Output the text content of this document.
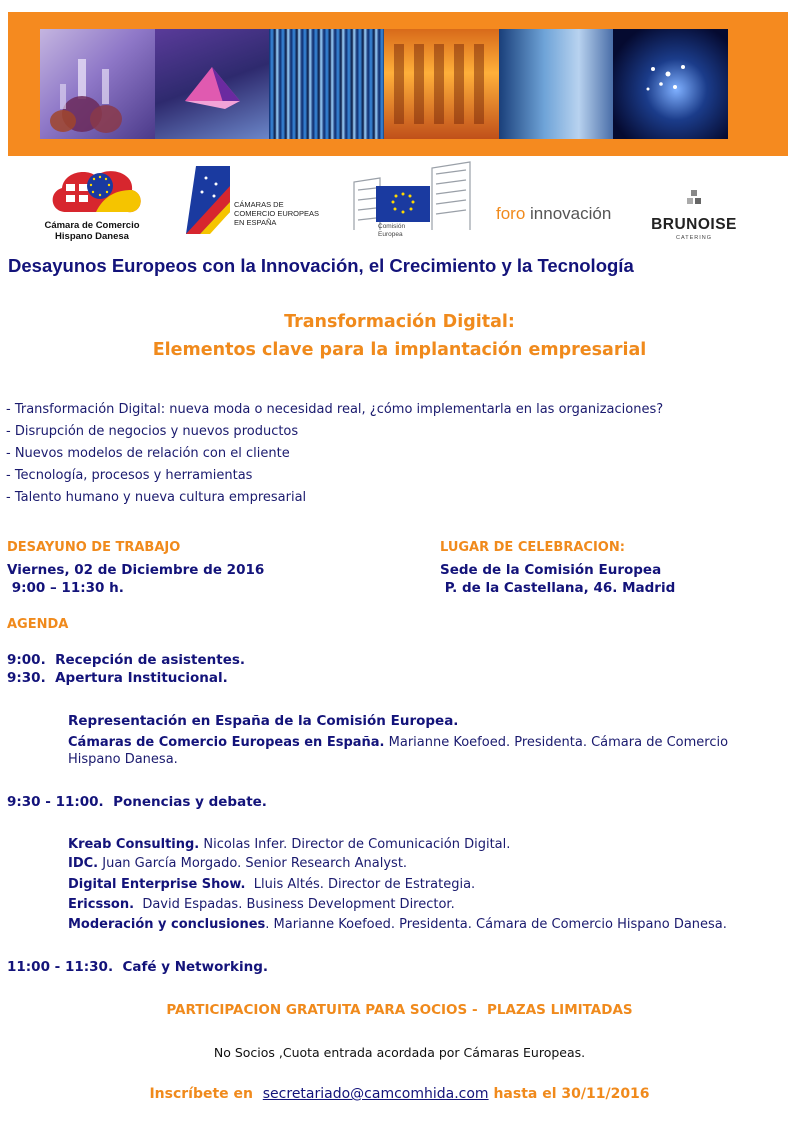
Cámara de Comercio
Hispano Danesa
CÁMARAS DE
COMERCIO EUROPEAS
EN ESPAÑA	Comisión
Europea
foro innovación
BRUNOISE
CATERING
Desayunos Europeos con la Innovación, el Crecimiento y la Tecnología
Transformación Digital:
Elementos clave para la implantación empresarial
- Transformación Digital: nueva moda o necesidad real, ¿cómo implementarla en las organizaciones?
- Disrupción de negocios y nuevos productos
- Nuevos modelos de relación con el cliente
- Tecnología, procesos y herramientas
- Talento humano y nueva cultura empresarial
DESAYUNO DE TRABAJO
Viernes, 02 de Diciembre de 2016
9:00 – 11:30 h.
LUGAR DE CELEBRACION:
Sede de la Comisión Europea
P. de la Castellana, 46. Madrid
AGENDA
9:00.  Recepción de asistentes.
9:30.  Apertura Institucional.
Representación en España de la Comisión Europea.
Cámaras de Comercio Europeas en España. Marianne Koefoed. Presidenta. Cámara de Comercio
Hispano Danesa.
9:30 - 11:00.  Ponencias y debate.
Kreab Consulting. Nicolas Infer. Director de Comunicación Digital.
IDC. Juan García Morgado. Senior Research Analyst.
Digital Enterprise Show.  Lluis Altés. Director de Estrategia.
Ericsson.  David Espadas. Business Development Director.
Moderación y conclusiones. Marianne Koefoed. Presidenta. Cámara de Comercio Hispano Danesa.
11:00 - 11:30.  Café y Networking.
PARTICIPACION GRATUITA PARA SOCIOS -  PLAZAS LIMITADAS
No Socios ,Cuota entrada acordada por Cámaras Europeas.
Inscríbete en  secretariado@camcomhida.com hasta el 30/11/2016
